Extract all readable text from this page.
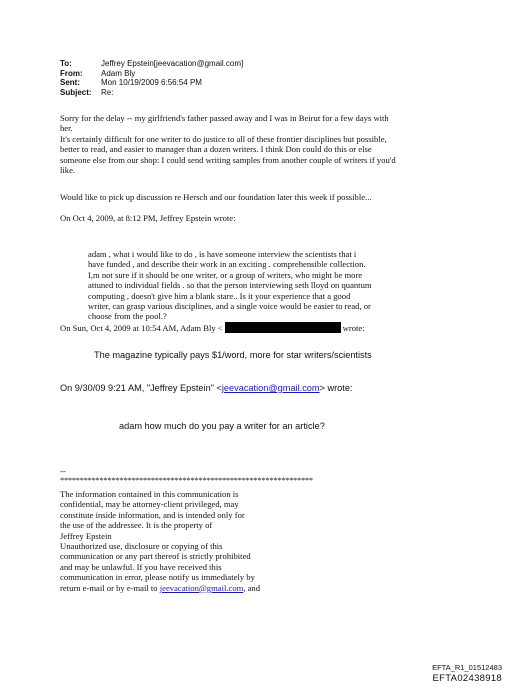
To:	Jeffrey Epstein[jeevacation@gmail.com]
From:	Adam Bly
Sent:	Mon 10/19/2009 6:56:54 PM
Subject:	Re:
Sorry for the delay -- my girlfriend's father passed away and I was in Beirut for a few days with
her.
It's certainly difficult for one writer to do justice to all of these frontier disciplines but possible,
better to read, and easier to manager than a dozen writers. I think Don could do this or else
someone else from our shop: I could send writing samples from another couple of writers if you'd
like.
Would like to pick up discussion re Hersch and our foundation later this week if possible...
On Oct 4, 2009, at 8:12 PM, Jeffrey Epstein wrote:
adam , what i would like to do , is have someone interview the scientists that i
have funded , and describe their work in an exciting . comprehensible collection.
I,m not sure if it should be one writer, or a group of writers, who might be more
attuned to individual fields . so that the person interviewing seth lloyd on quantum
computing , doesn't give him a blank stare.. Is it your experience that a good
writer, can grasp various disciplines, and a single voice would be easier to read, or
choose from the pool.?
On Sun, Oct 4, 2009 at 10:54 AM, Adam Bly <	wrote:
The magazine typically pays $1/word, more for star writers/scientists
On 9/30/09 9:21 AM, "Jeffrey Epstein" <jeevacation@gmail.com> wrote:
adam how much do you pay a writer for an article?
--
****************************************************************
The information contained in this communication is
confidential, may be attorney-client privileged, may
constitute inside information, and is intended only for
the use of the addressee. It is the property of
Jeffrey Epstein
Unauthorized use, disclosure or copying of this
communication or any part thereof is strictly prohibited
and may be unlawful. If you have received this
communication in error, please notify us immediately by
return e-mail or by e-mail to jeevacation@gmail.com, and
EFTA_R1_01512483
EFTA02438918
